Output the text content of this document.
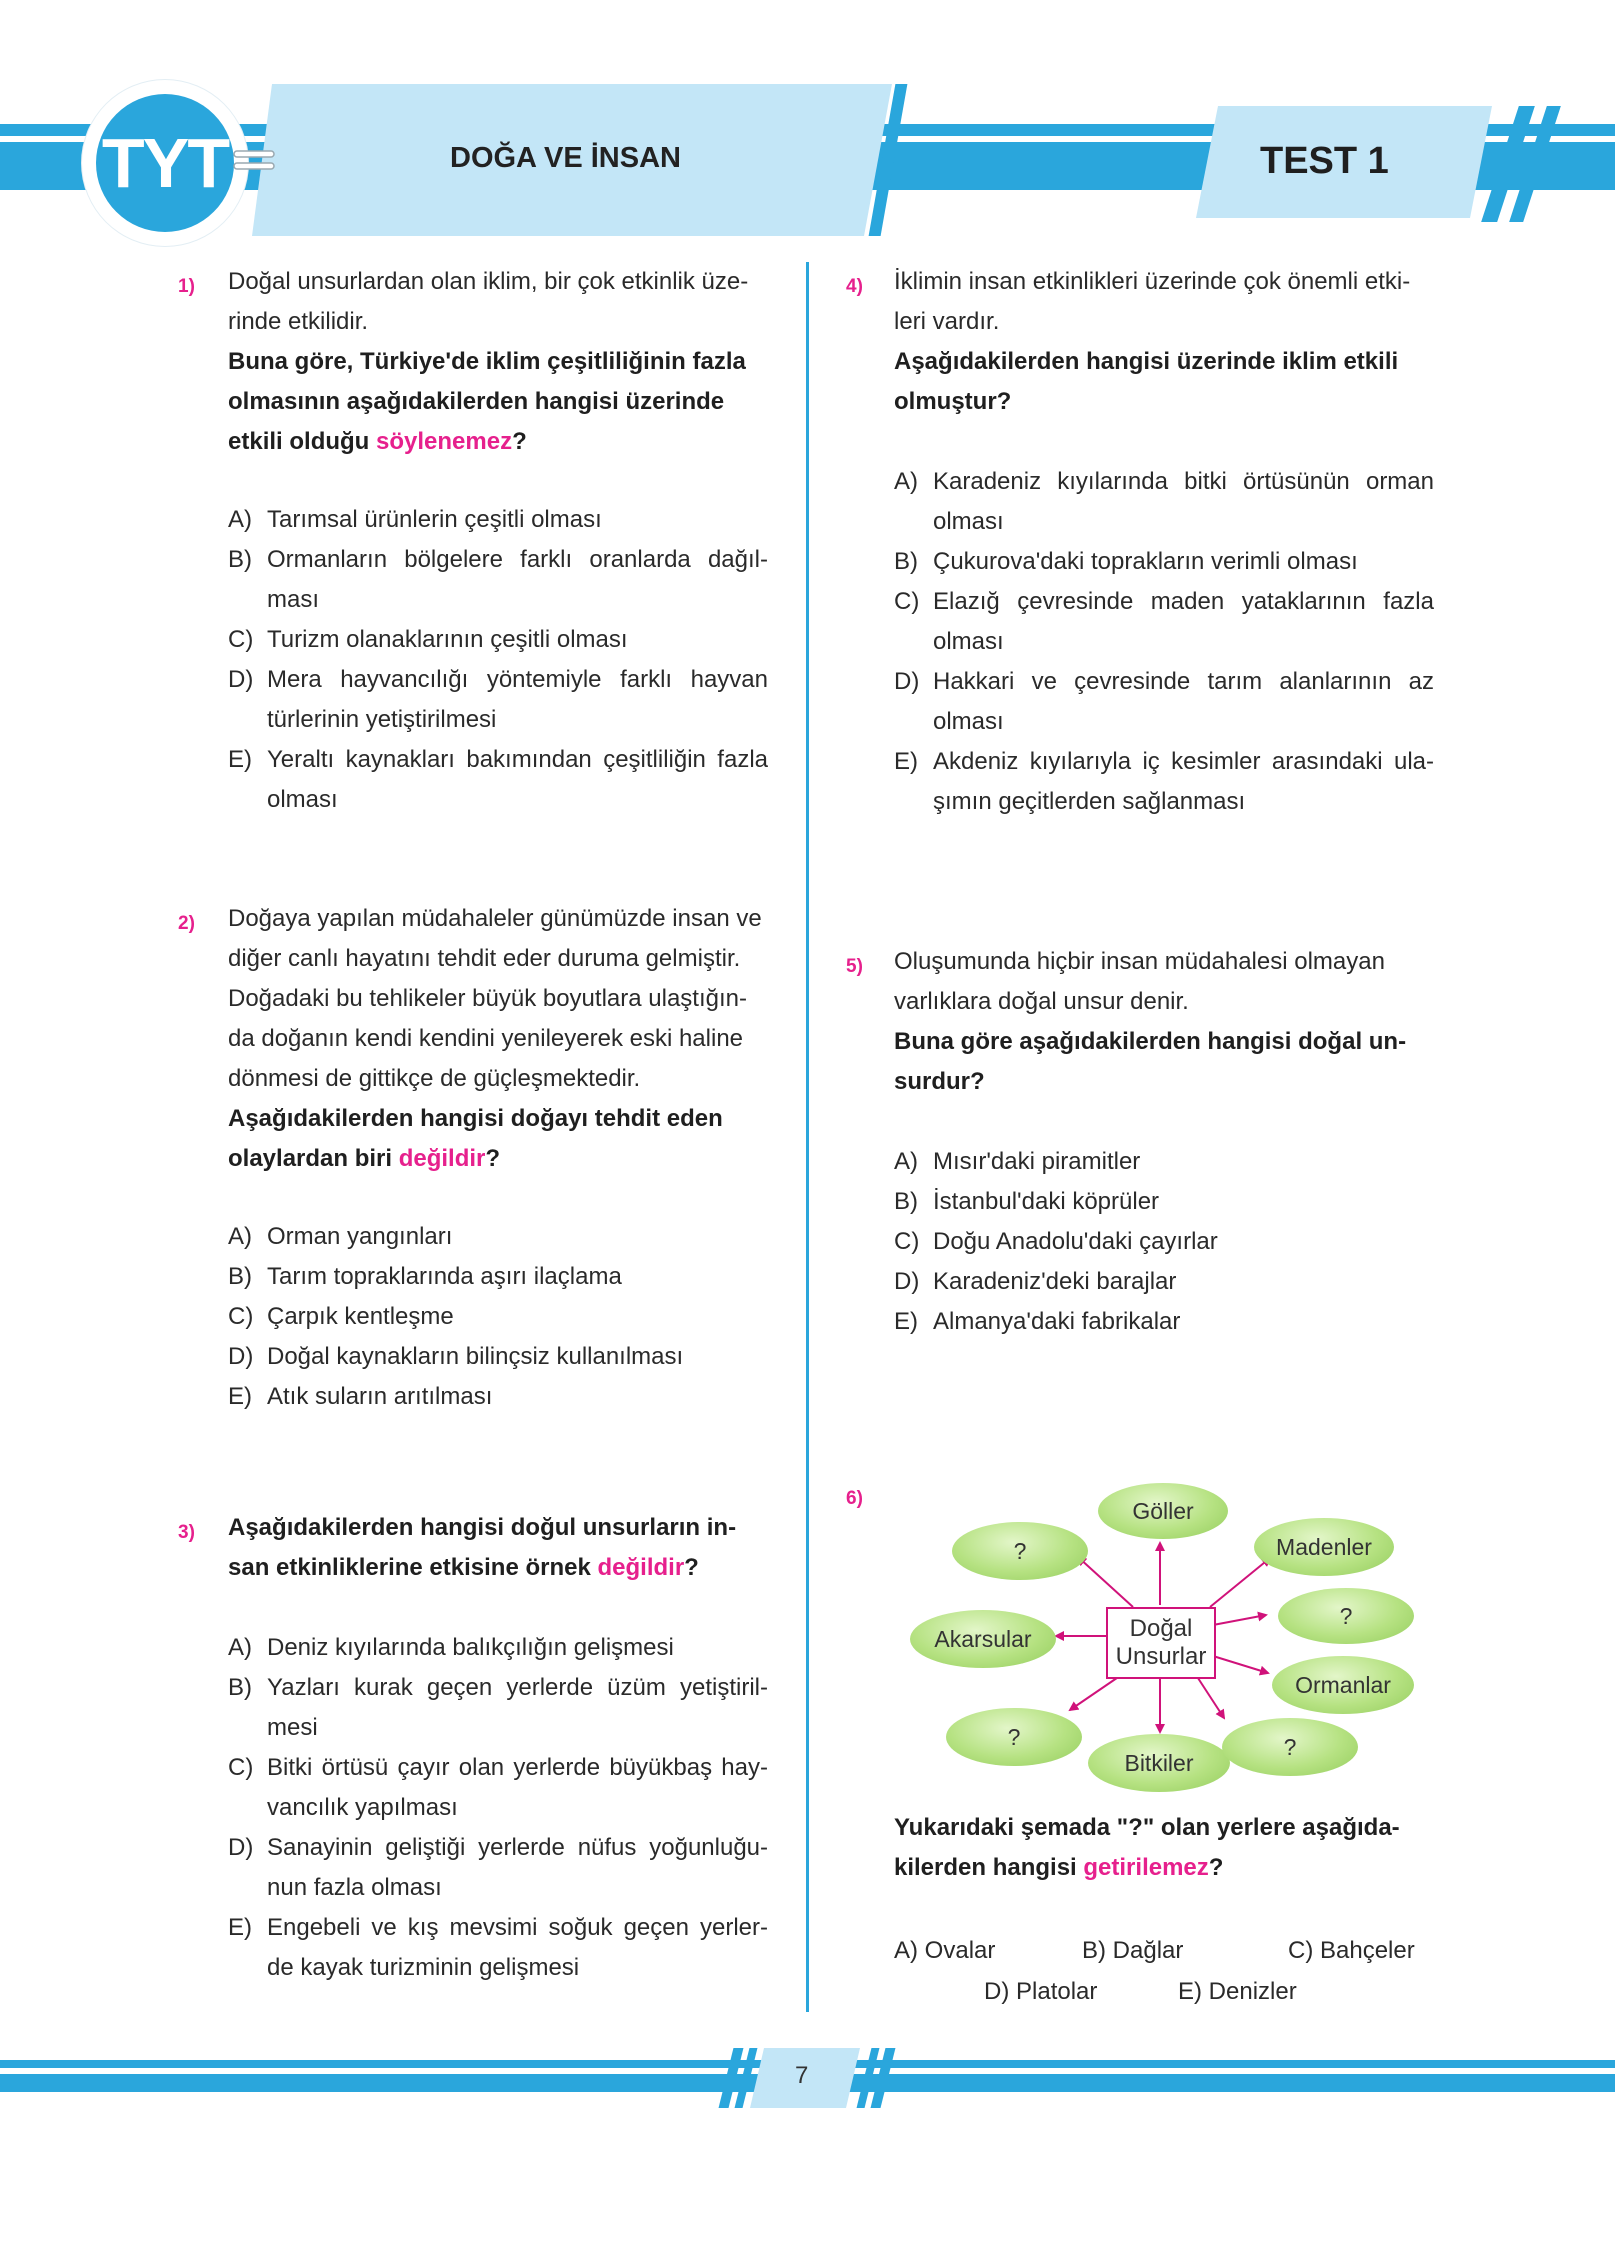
TYT	DOĞA VE İNSAN	TEST 1
1) Doğal unsurlardan olan iklim, bir çok etkinlik üze-

rinde etkilidir.

Buna göre, Türkiye'de iklim çeşitliliğinin fazla

olmasının aşağıdakilerden hangisi üzerinde

etkili olduğu söylenemez?

A) Tarımsal ürünlerin çeşitli olması
B) Ormanların bölgelere farklı oranlarda dağıl- ması
C) Turizm olanaklarının çeşitli olması
D) Mera hayvancılığı yöntemiyle farklı hayvan türlerinin yetiştirilmesi
E) Yeraltı kaynakları bakımından çeşitliliğin fazla olması
2) Doğaya yapılan müdahaleler günümüzde insan ve

diğer canlı hayatını tehdit eder duruma gelmiştir.

Doğadaki bu tehlikeler büyük boyutlara ulaştığın-

da doğanın kendi kendini yenileyerek eski haline

dönmesi de gittikçe de güçleşmektedir.

Aşağıdakilerden hangisi doğayı tehdit eden

olaylardan biri değildir?

A) Orman yangınları
B) Tarım topraklarında aşırı ilaçlama
C) Çarpık kentleşme
D) Doğal kaynakların bilinçsiz kullanılması
E) Atık suların arıtılması
3) Aşağıdakilerden hangisi doğul unsurların in-

san etkinliklerine etkisine örnek değildir?

A) Deniz kıyılarında balıkçılığın gelişmesi
B) Yazları kurak geçen yerlerde üzüm yetiştiril- mesi
C) Bitki örtüsü çayır olan yerlerde büyükbaş hay- vancılık yapılması
D) Sanayinin geliştiği yerlerde nüfus yoğunluğu- nun fazla olması
E) Engebeli ve kış mevsimi soğuk geçen yerler- de kayak turizminin gelişmesi
4) İklimin insan etkinlikleri üzerinde çok önemli etki-

leri vardır.

Aşağıdakilerden hangisi üzerinde iklim etkili

olmuştur?

A) Karadeniz kıyılarında bitki örtüsünün orman olması
B) Çukurova'daki toprakların verimli olması
C) Elazığ çevresinde maden yataklarının fazla olması
D) Hakkari ve çevresinde tarım alanlarının az olması
E) Akdeniz kıyılarıyla iç kesimler arasındaki ula- şımın geçitlerden sağlanması
5) Oluşumunda hiçbir insan müdahalesi olmayan

varlıklara doğal unsur denir.

Buna göre aşağıdakilerden hangisi doğal un-

surdur?

A) Mısır'daki piramitler
B) İstanbul'daki köprüler
C) Doğu Anadolu'daki çayırlar
D) Karadeniz'deki barajlar
E) Almanya'daki fabrikalar
6)	Göller
?	Madenler
Akarsular
?
Ormanlar
?
Bitkiler
?
Doğal
Unsurlar

Yukarıdaki şemada "?" olan yerlere aşağıda-

kilerden hangisi getirilemez?

A) Ovalar	B) Dağlar	C) Bahçeler
D) Platolar	E) Denizler
7
